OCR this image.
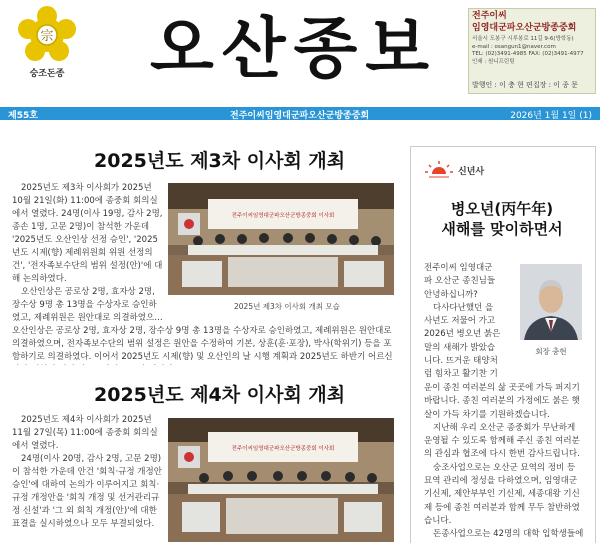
宗
숭조돈종 오산종보	전주이씨
임영대군파오산군방종중회
서울시 도봉구 시루봉로 11길 9-6(방학동)
e-mail : osangun1@naver.com
TEL: (02)3491-4985 FAX: (02)3491-4977
인쇄 : 원니프린팅
발행인 : 이 충 현 편집장 : 이 종 문
제55호	전주이씨임영대군파오산군방종중회	2026년 1월 1일 (1)
2025년도 제3차 이사회 개최

2025년도 제3차 이사회가 2025년 10월 21일(화) 11:00에 종중회 회의실에서 열렸다. 24명(이사 19명, 감사 2명, 종손 1명, 고문 2명)이 참석한 가운데 '2025년도 오산인상 선정 승인', '2025년도 시제(향) 제례위원회 위원 선정의 건', '전자족보수단의 범위 설정(안)'에 대해 논의하였다.

전주이씨임영대군파오산군방종중회 이사회
2025년 제3차 이사회 개최 모습

오산인상은 공로상 2명, 효자상 2명, 장수상 9명 총 13명을 수상자로 승인하였고, 제례위원은 원안대로 의결하였으

오산인상은 공로상 2명, 효자상 2명, 장수상 9명 총 13명을 수상자로 승인하였고, 제례위원은 원안대로 의결하였으며, 전자족보수단의 범위 설정은 원안을 수정하여 기본, 상훈(훈·포장), 박사(학위기) 등을 포함하기로 의결하였다. 이어서 2025년도 시제(향) 및 오산인의 날 시행 계획과 2025년도 하반기 어르신

2025년도 제4차 이사회 개최

2025년도 제4차 이사회가 2025년 11월 27일(목) 11:00에 종중회 회의실에서 열렸다.

24명(이사 20명, 감사 2명, 고문 2명)이 참석한 가운데 안건 '회칙·규정 개정안 승인'에 대하여 논의가 이루어지고 회칙·규정 개정안을 '회칙 개정 및 선거관리규정 신설'과 '그 외 회칙 개정(안)'에 대한 표결을 실시하였으나 모두 부결되었다.

전주이씨임영대군파오산군방종중회 이사회
신년사
병오년(丙午年)
새해를 맞이하면서
전주이씨 임영대군
파 오산군 종친님들
안녕하십니까?
다사다난했던 을
사년도 저물어 가고
2026년 병오년 붉은
말의 새해가 밝았습
니다. 뜨거운 태양처
럼 힘차고 활기찬 기
회장 충현

운이 종친 여러분의 삶 곳곳에 가득 퍼지기 바랍니다. 종친 여러분의 가정에도 붉은 햇살이 가득 차기를 기원하겠습니다.

지난해 우리 오산군 종중회가 무난하게 운영될 수 있도록 함께해 주신 종친 여러분의 관심과 협조에 다시 한번 감사드립니다.

숭조사업으로는 오산군 묘역의 정비 등 묘역 관리에 정성을 다하였으며, 임영대군 기신제, 제안부부인 기신제, 세종대왕 기신제 등에 종친 여러분과 함께 무두 참반하였습니다.

돈종사업으로는 42명의 대학 입학생들에
